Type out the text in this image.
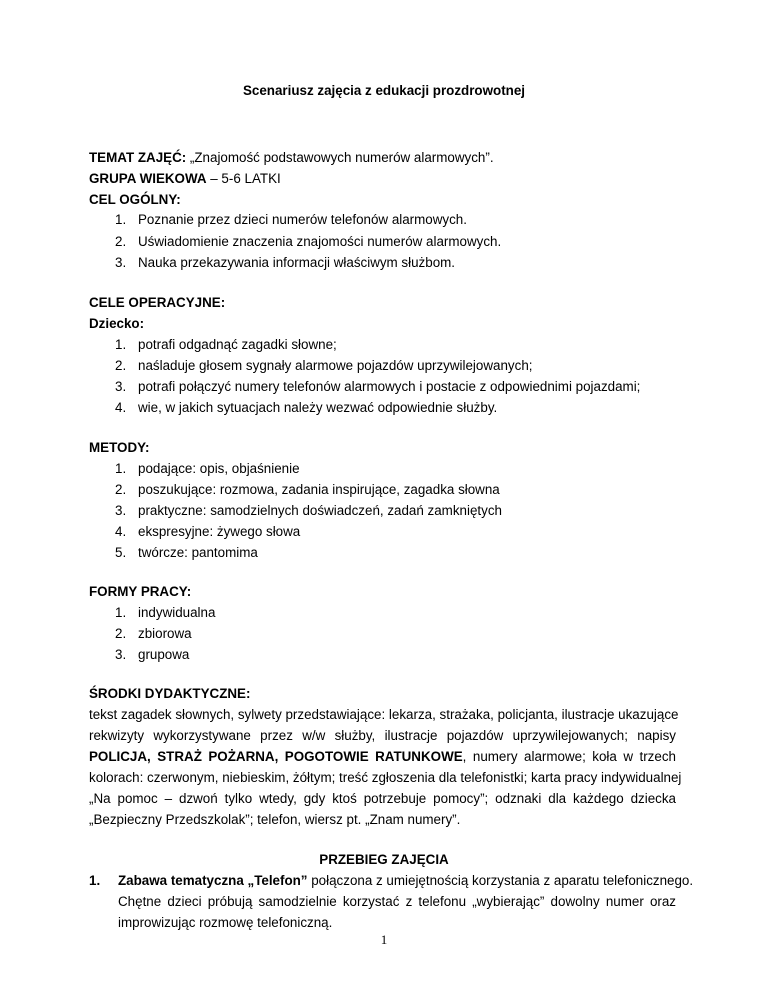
Scenariusz zajęcia z edukacji prozdrowotnej
TEMAT ZAJĘĆ: „Znajomość podstawowych numerów alarmowych”.
GRUPA WIEKOWA – 5-6 LATKI
CEL OGÓLNY:
1. Poznanie przez dzieci numerów telefonów alarmowych.
2. Uświadomienie znaczenia znajomości numerów alarmowych.
3. Nauka przekazywania informacji właściwym służbom.
CELE OPERACYJNE:
Dziecko:
1. potrafi odgadnąć zagadki słowne;
2. naśladuje głosem sygnały alarmowe pojazdów uprzywilejowanych;
3. potrafi połączyć numery telefonów alarmowych i postacie z odpowiednimi pojazdami;
4. wie, w jakich sytuacjach należy wezwać odpowiednie służby.
METODY:
1. podające: opis, objaśnienie
2. poszukujące: rozmowa, zadania inspirujące, zagadka słowna
3. praktyczne: samodzielnych doświadczeń, zadań zamkniętych
4. ekspresyjne: żywego słowa
5. twórcze: pantomima
FORMY PRACY:
1. indywidualna
2. zbiorowa
3. grupowa
ŚRODKI DYDAKTYCZNE:
tekst zagadek słownych, sylwety przedstawiające: lekarza, strażaka, policjanta, ilustracje ukazujące
rekwizyty wykorzystywane przez w/w służby, ilustracje pojazdów uprzywilejowanych; napisy
POLICJA, STRAŻ POŻARNA, POGOTOWIE RATUNKOWE, numery alarmowe; koła w trzech
kolorach: czerwonym, niebieskim, żółtym; treść zgłoszenia dla telefonistki; karta pracy indywidualnej
„Na pomoc – dzwoń tylko wtedy, gdy ktoś potrzebuje pomocy”; odznaki dla każdego dziecka
„Bezpieczny Przedszkolak”; telefon, wiersz pt. „Znam numery”.
PRZEBIEG ZAJĘCIA
1. Zabawa tematyczna „Telefon” połączona z umiejętnością korzystania z aparatu telefonicznego.
Chętne dzieci próbują samodzielnie korzystać z telefonu „wybierając” dowolny numer oraz
improwizując rozmowę telefoniczną.
1
